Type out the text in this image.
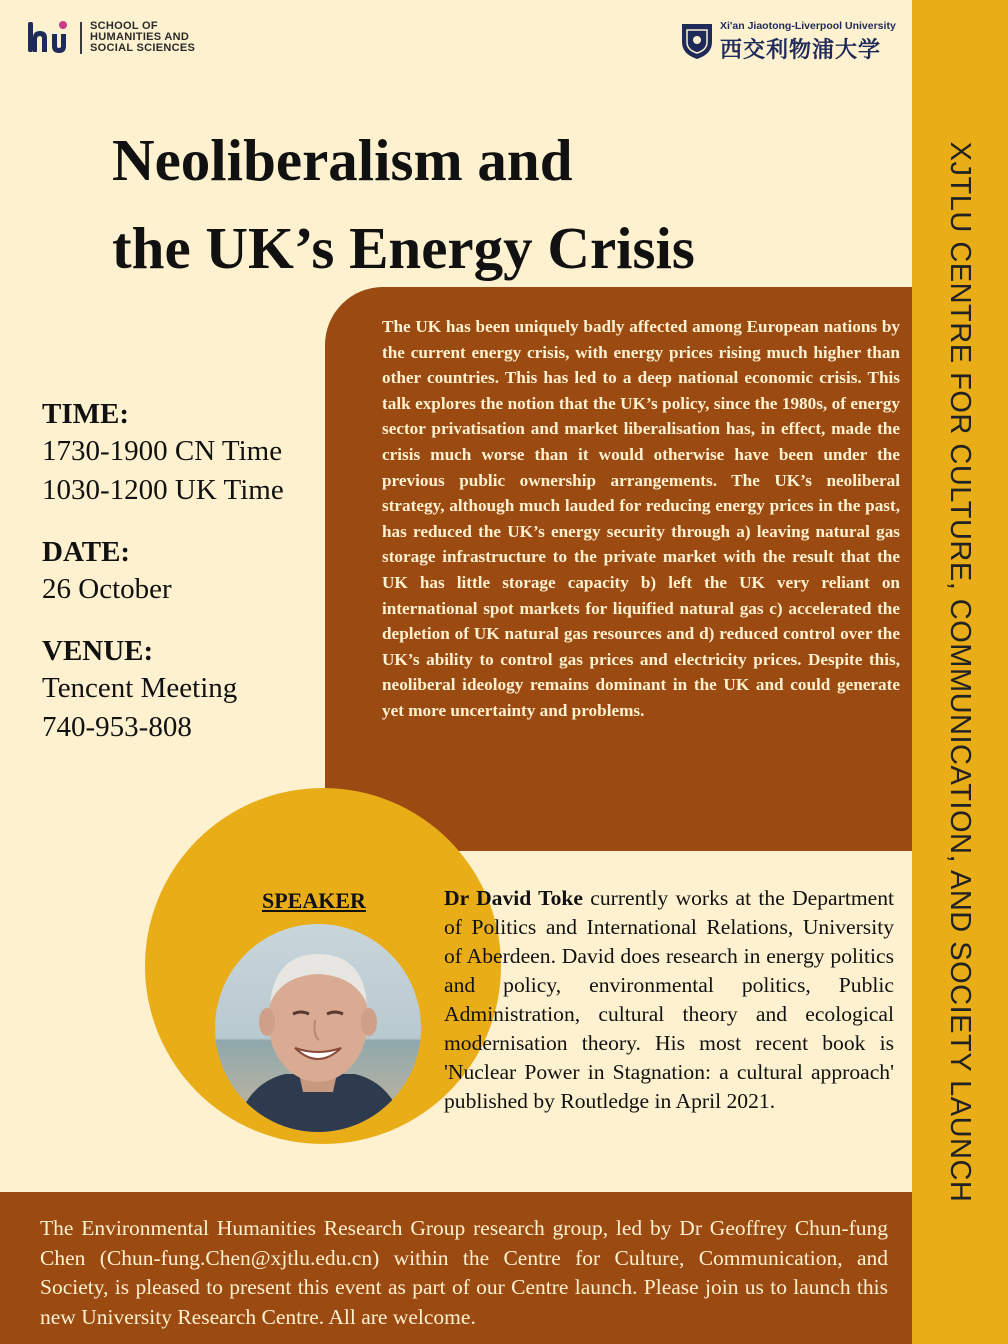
SCHOOL OF
HUMANITIES AND
SOCIAL SCIENCES
Xi'an Jiaotong-Liverpool University
西交利物浦大学
XJTLU CENTRE FOR CULTURE, COMMUNICATION, AND SOCIETY LAUNCH
Neoliberalism and
the UK’s Energy Crisis
The UK has been uniquely badly affected among European nations by the current energy crisis, with energy prices rising much higher than other countries. This has led to a deep national economic crisis. This talk explores the notion that the UK’s policy, since the 1980s, of energy sector privatisation and market liberalisation has, in effect, made the crisis much worse than it would otherwise have been under the previous public ownership arrangements. The UK’s neoliberal strategy, although much lauded for reducing energy prices in the past, has reduced the UK’s energy security through a) leaving natural gas storage infrastructure to the private market with the result that the UK has little storage capacity b) left the UK very reliant on international spot markets for liquified natural gas c) accelerated the depletion of UK natural gas resources and d) reduced control over the UK’s ability to control gas prices and electricity prices. Despite this, neoliberal ideology remains dominant in the UK and could generate yet more uncertainty and problems.
TIME:
1730-1900 CN Time
1030-1200 UK Time
DATE:
26 October
VENUE:
Tencent Meeting
740-953-808
SPEAKER	Dr David Toke currently works at the Department of Politics and International Relations, University of Aberdeen. David does research in energy politics and policy, environmental politics, Public Administration, cultural theory and ecological modernisation theory. His most recent book is 'Nuclear Power in Stagnation: a cultural approach' published by Routledge in April 2021.
The Environmental Humanities Research Group research group, led by Dr Geoffrey Chun-fung Chen (Chun-fung.Chen@xjtlu.edu.cn) within the Centre for Culture, Communication, and Society, is pleased to present this event as part of our Centre launch. Please join us to launch this new University Research Centre. All are welcome.
